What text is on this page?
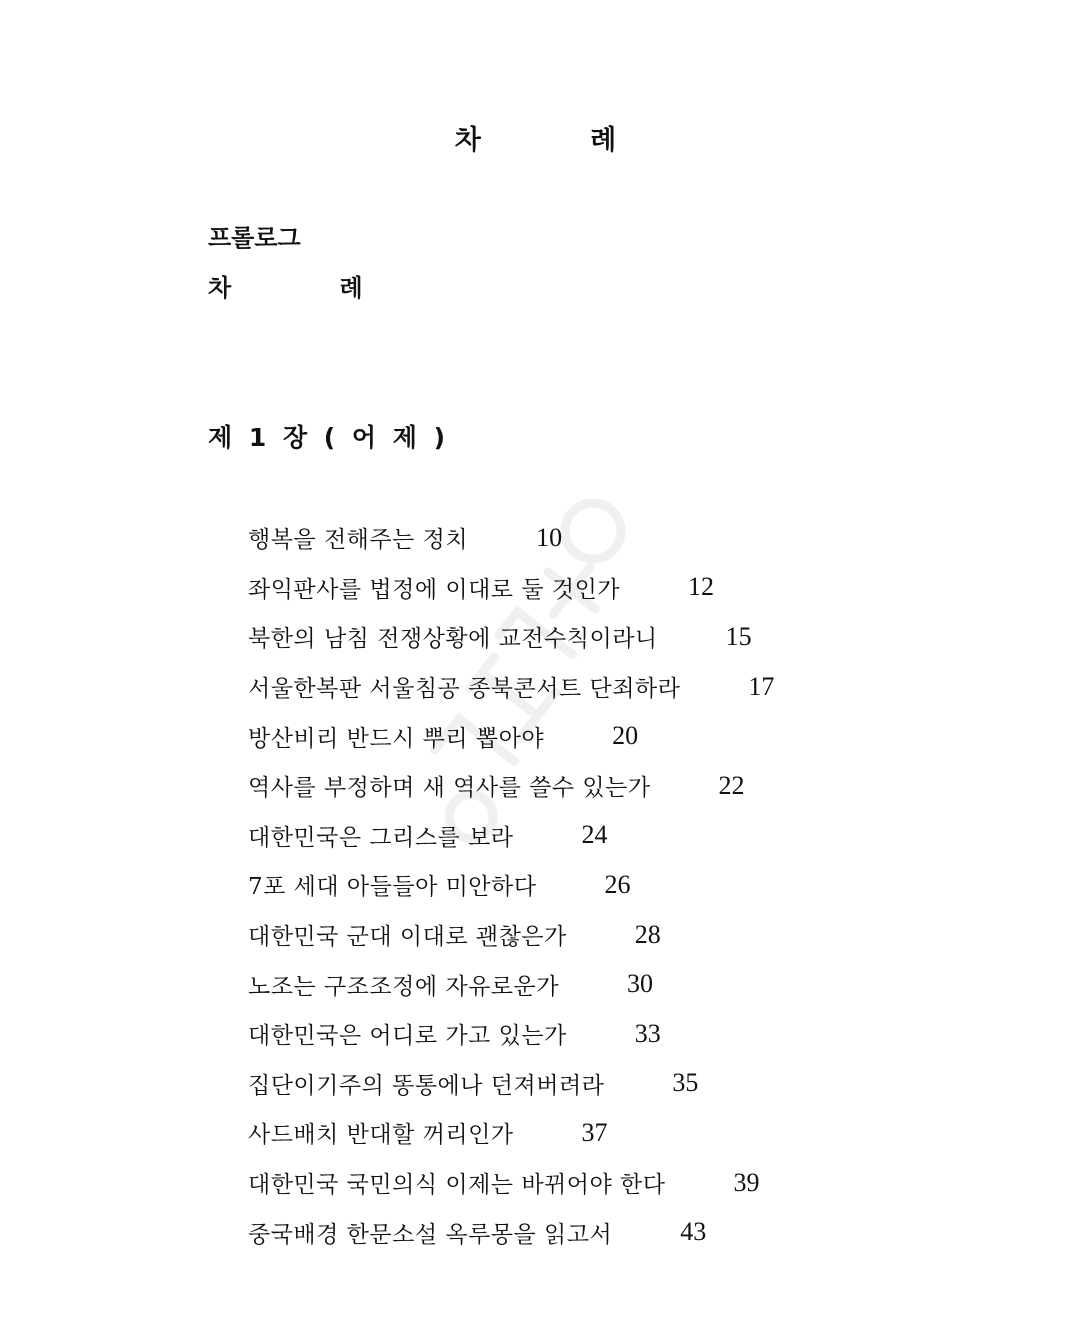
차 례
프롤로그
차 례
제 1 장 ( 어 제 )
행복을 전해주는 정치	10
좌익판사를 법정에 이대로 둘 것인가	12
북한의 남침 전쟁상황에 교전수칙이라니	15
서울한복판 서울침공 종북콘서트 단죄하라	17
방산비리 반드시 뿌리 뽑아야	20
역사를 부정하며 새 역사를 쓸수 있는가	22
대한민국은 그리스를 보라	24
7포 세대 아들들아 미안하다	26
대한민국 군대 이대로 괜찮은가	28
노조는 구조조정에 자유로운가	30
대한민국은 어디로 가고 있는가	33
집단이기주의 똥통에나 던져버려라	35
사드배치 반대할 꺼리인가	37
대한민국 국민의식 이제는 바뀌어야 한다	39
중국배경 한문소설 옥루몽을 읽고서	43
